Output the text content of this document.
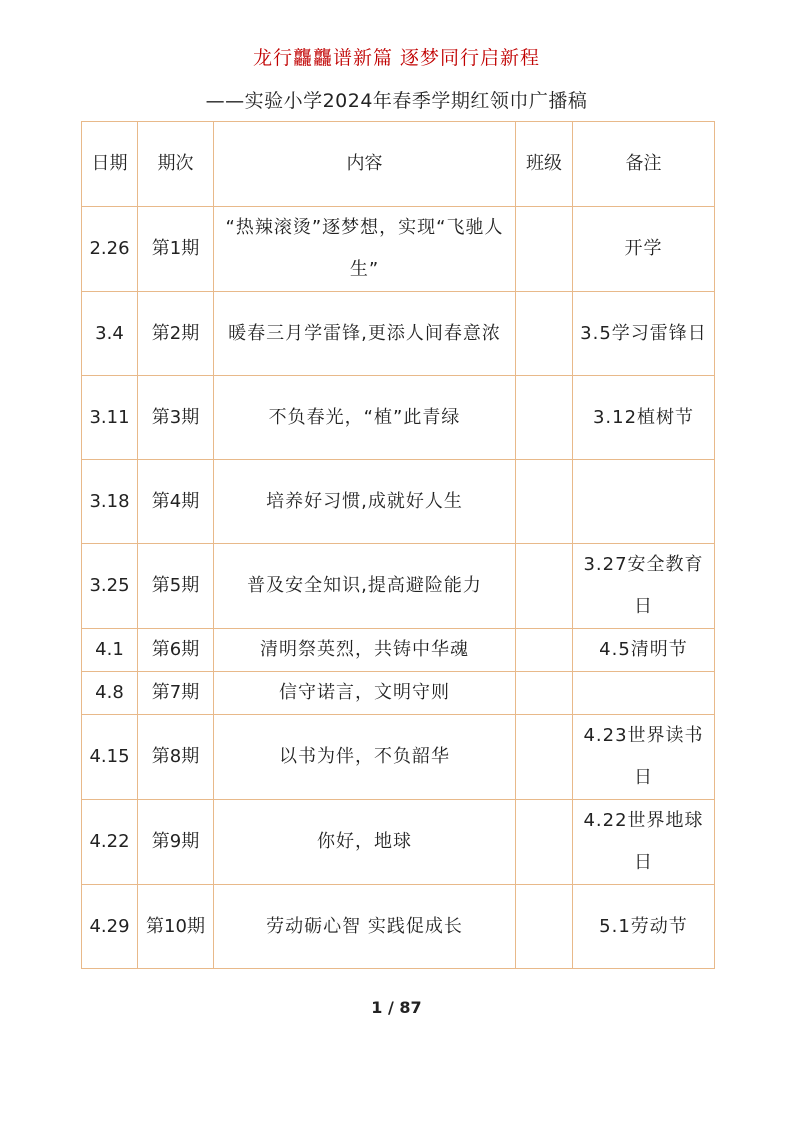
龙行龘龘谱新篇 逐梦同行启新程
——实验小学2024年春季学期红领巾广播稿
日期	期次	内容	班级	备注
2.26	第1期	“热辣滚烫”逐梦想，实现“飞驰人生”		开学
3.4	第2期	暖春三月学雷锋,更添人间春意浓		3.5学习雷锋日
3.11	第3期	不负春光，“植”此青绿		3.12植树节
3.18	第4期	培养好习惯,成就好人生		
3.25	第5期	普及安全知识,提高避险能力		3.27安全教育日
4.1	第6期	清明祭英烈，共铸中华魂		4.5清明节
4.8	第7期	信守诺言，文明守则		
4.15	第8期	以书为伴，不负韶华		4.23世界读书日
4.22	第9期	你好，地球		4.22世界地球日
4.29	第10期	劳动砺心智 实践促成长		5.1劳动节
1 / 87
